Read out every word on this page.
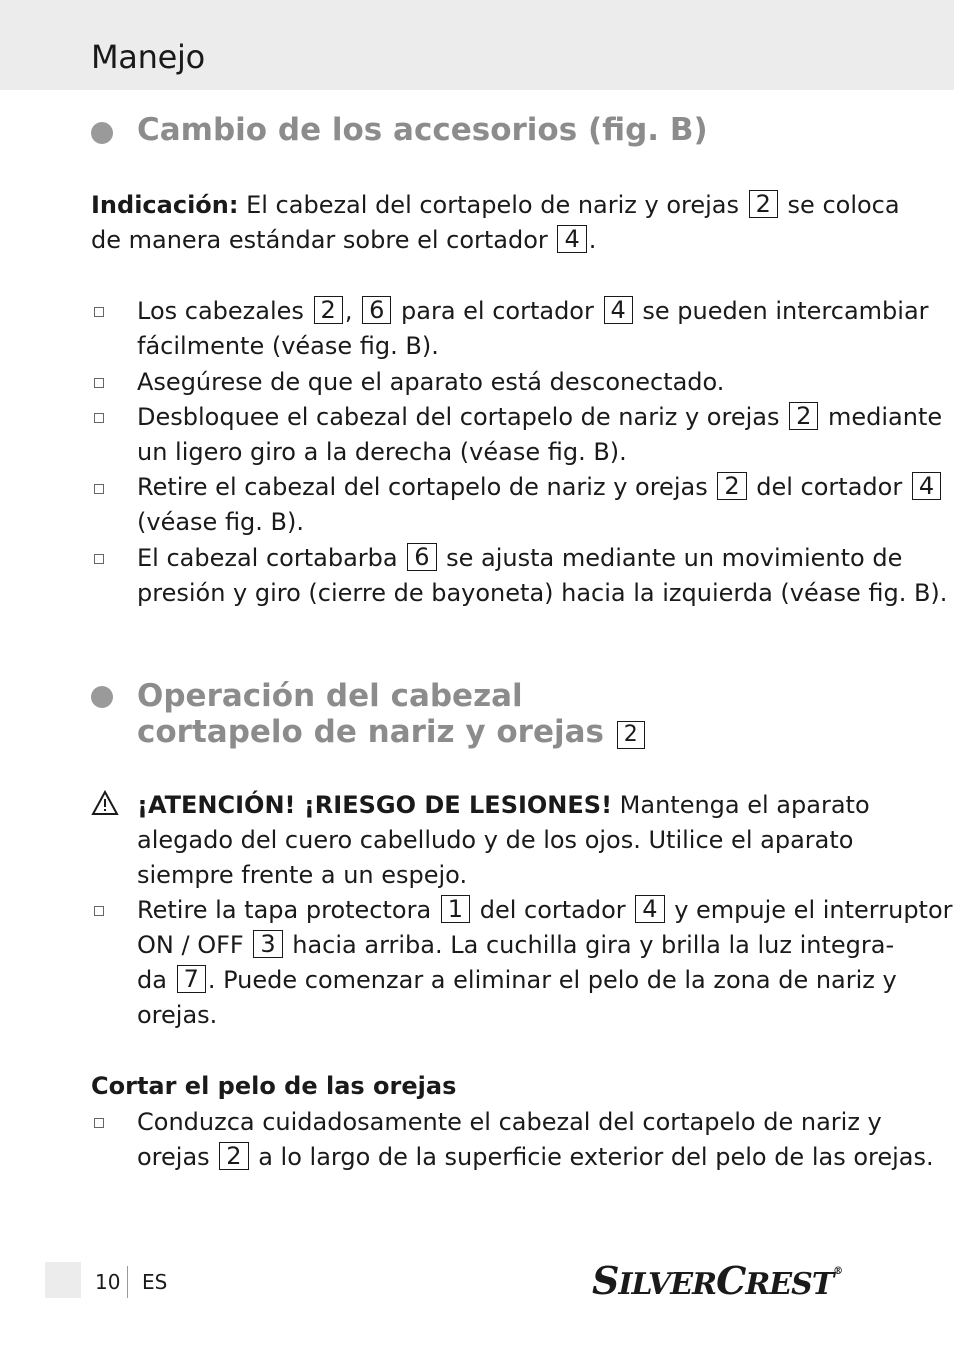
Manejo
Cambio de los accesorios (fig. B)
Indicación: El cabezal del cortapelo de nariz y orejas 2 se coloca
de manera estándar sobre el cortador 4 .
Los cabezales 2 , 6 para el cortador 4 se pueden intercambiar
fácilmente (véase fig. B).
Asegúrese de que el aparato está desconectado.
Desbloquee el cabezal del cortapelo de nariz y orejas 2 mediante
un ligero giro a la derecha (véase fig. B).
Retire el cabezal del cortapelo de nariz y orejas 2 del cortador 4
(véase fig. B).
El cabezal cortabarba 6 se ajusta mediante un movimiento de
presión y giro (cierre de bayoneta) hacia la izquierda (véase fig. B).
Operación del cabezal
cortapelo de nariz y orejas 2
¡ATENCIÓN! ¡RIESGO DE LESIONES! Mantenga el aparato
alegado del cuero cabelludo y de los ojos. Utilice el aparato
siempre frente a un espejo.
Retire la tapa protectora 1 del cortador 4 y empuje el interruptor
ON / OFF 3 hacia arriba. La cuchilla gira y brilla la luz integra-
da 7 . Puede comenzar a eliminar el pelo de la zona de nariz y
orejas.
Cortar el pelo de las orejas
Conduzca cuidadosamente el cabezal del cortapelo de nariz y
orejas 2 a lo largo de la superficie exterior del pelo de las orejas.
10 ES	SILVERCREST®
